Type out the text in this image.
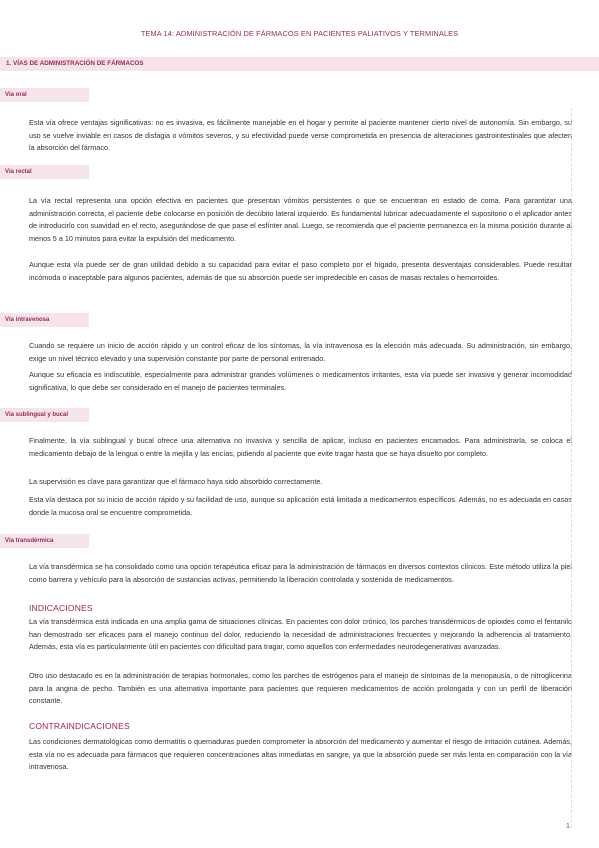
TEMA 14: ADMINISTRACIÓN DE FÁRMACOS EN PACIENTES PALIATIVOS Y TERMINALES
1. VÍAS DE ADMINISTRACIÓN DE FÁRMACOS
Vía oral
Esta vía ofrece ventajas significativas: no es invasiva, es fácilmente manejable en el hogar y permite al paciente mantener cierto nivel de autonomía. Sin embargo, su uso se vuelve inviable en casos de disfagia o vómitos severos, y su efectividad puede verse comprometida en presencia de alteraciones gastrointestinales que afecten la absorción del fármaco.
Vía rectal
La vía rectal representa una opción efectiva en pacientes que presentan vómitos persistentes o que se encuentran en estado de coma. Para garantizar una administración correcta, el paciente debe colocarse en posición de decúbito lateral izquierdo. Es fundamental lubricar adecuadamente el supositorio o el aplicador antes de introducirlo con suavidad en el recto, asegurándose de que pase el esfínter anal. Luego, se recomienda que el paciente permanezca en la misma posición durante al menos 5 a 10 minutos para evitar la expulsión del medicamento.
Aunque esta vía puede ser de gran utilidad debido a su capacidad para evitar el paso completo por el hígado, presenta desventajas considerables. Puede resultar incómoda o inaceptable para algunos pacientes, además de que su absorción puede ser impredecible en casos de masas rectales o hemorroides.
Vía intravenosa
Cuando se requiere un inicio de acción rápido y un control eficaz de los síntomas, la vía intravenosa es la elección más adecuada. Su administración, sin embargo, exige un nivel técnico elevado y una supervisión constante por parte de personal entrenado.
Aunque su eficacia es indiscutible, especialmente para administrar grandes volúmenes o medicamentos irritantes, esta vía puede ser invasiva y generar incomodidad significativa, lo que debe ser considerado en el manejo de pacientes terminales.
Vía sublingual y bucal
Finalmente, la vía sublingual y bucal ofrece una alternativa no invasiva y sencilla de aplicar, incluso en pacientes encamados. Para administrarla, se coloca el medicamento debajo de la lengua o entre la mejilla y las encías, pidiendo al paciente que evite tragar hasta que se haya disuelto por completo.
La supervisión es clave para garantizar que el fármaco haya sido absorbido correctamente.
Esta vía destaca por su inicio de acción rápido y su facilidad de uso, aunque su aplicación está limitada a medicamentos específicos. Además, no es adecuada en casos donde la mucosa oral se encuentre comprometida.
Vía transdérmica
La vía transdérmica se ha consolidado como una opción terapéutica eficaz para la administración de fármacos en diversos contextos clínicos. Este método utiliza la piel como barrera y vehículo para la absorción de sustancias activas, permitiendo la liberación controlada y sostenida de medicamentos.
INDICACIONES
La vía transdérmica está indicada en una amplia gama de situaciones clínicas. En pacientes con dolor crónico, los parches transdérmicos de opioides como el fentanilo han demostrado ser eficaces para el manejo continuo del dolor, reduciendo la necesidad de administraciones frecuentes y mejorando la adherencia al tratamiento. Además, esta vía es particularmente útil en pacientes con dificultad para tragar, como aquellos con enfermedades neurodegenerativas avanzadas.
Otro uso destacado es en la administración de terapias hormonales, como los parches de estrógenos para el manejo de síntomas de la menopausia, o de nitroglicerina para la angina de pecho. También es una alternativa importante para pacientes que requieren medicamentos de acción prolongada y con un perfil de liberación constante.
CONTRAINDICACIONES
Las condiciones dermatológicas como dermatitis o quemaduras pueden comprometer la absorción del medicamento y aumentar el riesgo de irritación cutánea. Además, esta vía no es adecuada para fármacos que requieren concentraciones altas inmediatas en sangre, ya que la absorción puede ser más lenta en comparación con la vía intravenosa.
1
